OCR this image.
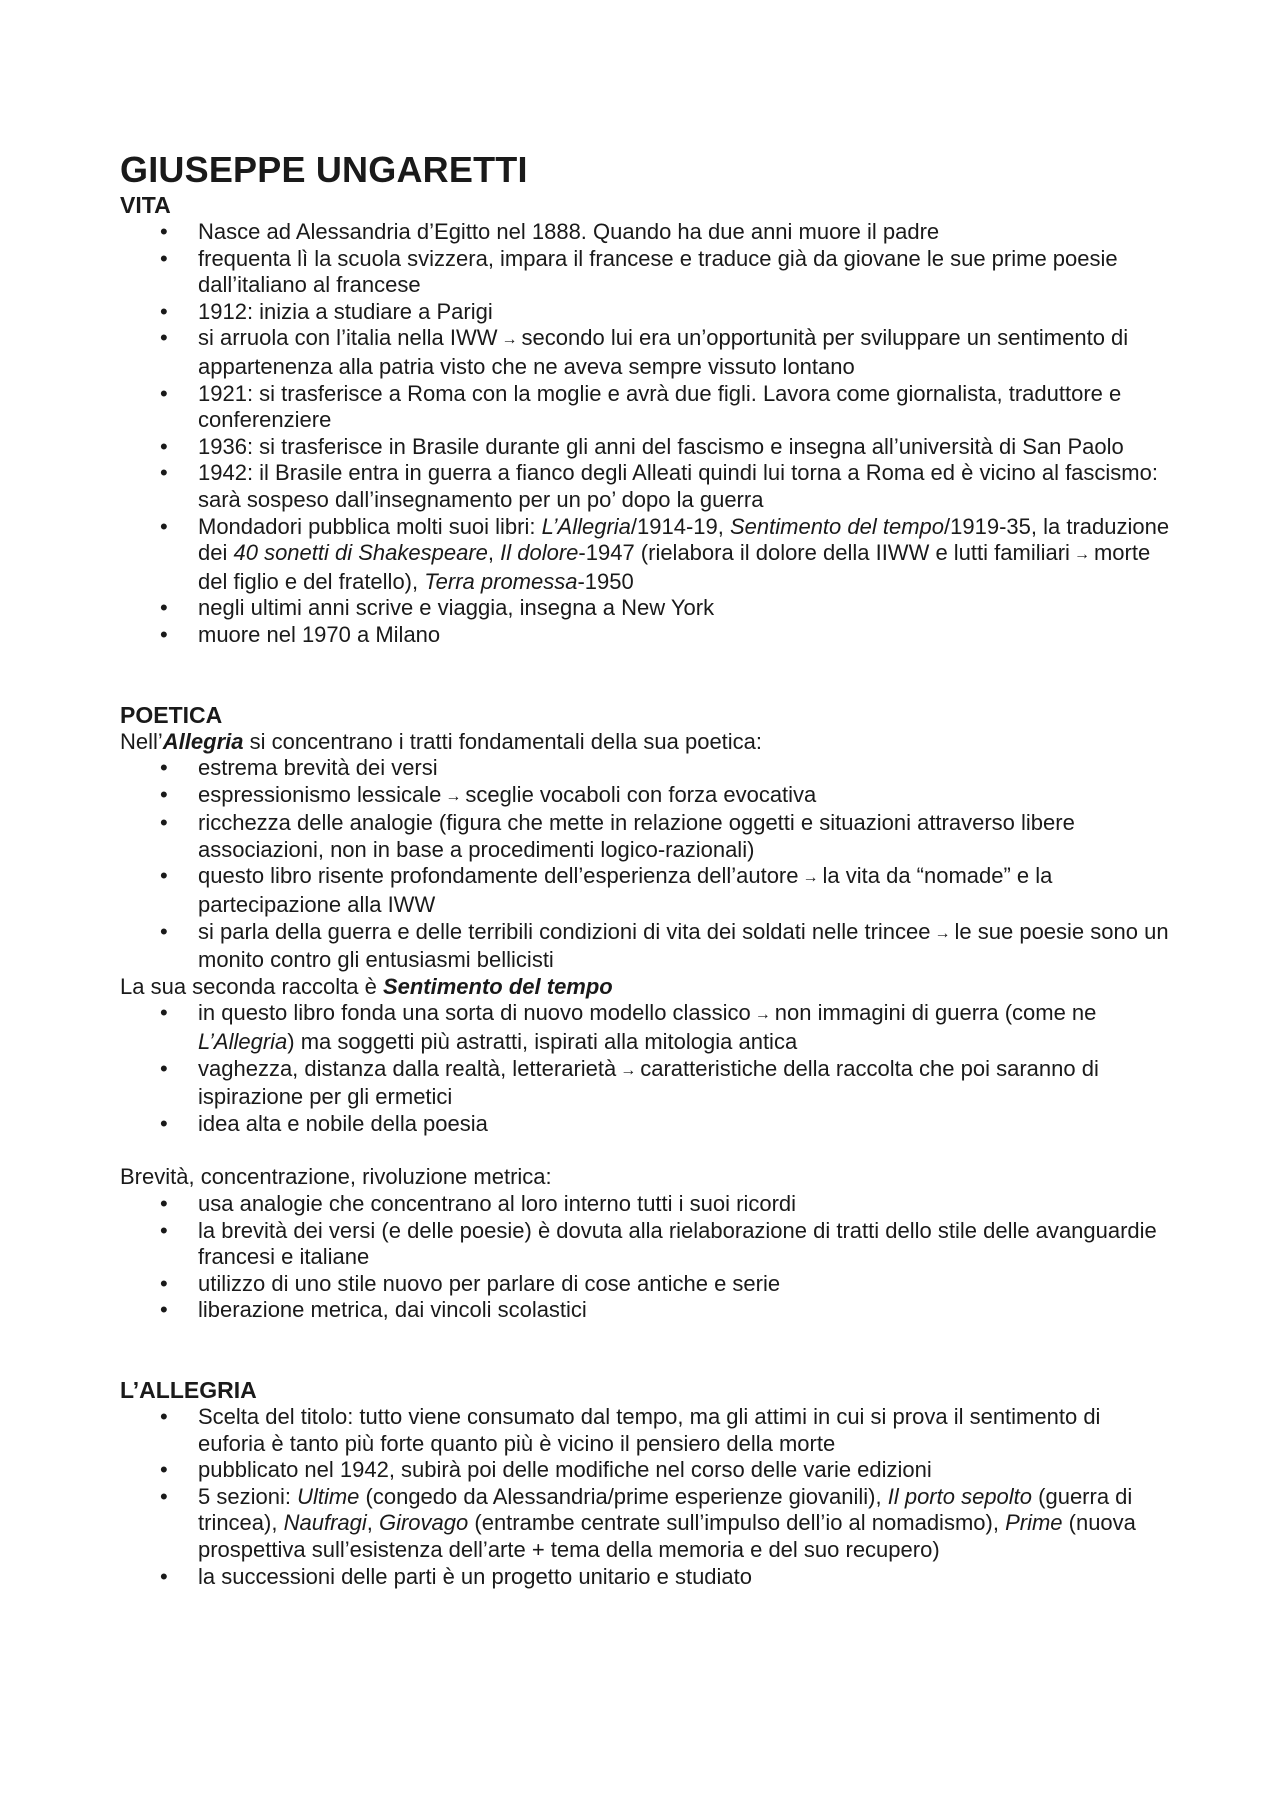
GIUSEPPE UNGARETTI
VITA
• Nasce ad Alessandria d’Egitto nel 1888. Quando ha due anni muore il padre
• frequenta lì la scuola svizzera, impara il francese e traduce già da giovane le sue prime poesie dall’italiano al francese
• 1912: inizia a studiare a Parigi
• si arruola con l’italia nella IWW → secondo lui era un’opportunità per sviluppare un sentimento di appartenenza alla patria visto che ne aveva sempre vissuto lontano
• 1921: si trasferisce a Roma con la moglie e avrà due figli. Lavora come giornalista, traduttore e conferenziere
• 1936: si trasferisce in Brasile durante gli anni del fascismo e insegna all’università di San Paolo
• 1942: il Brasile entra in guerra a fianco degli Alleati quindi lui torna a Roma ed è vicino al fascismo: sarà sospeso dall’insegnamento per un po’ dopo la guerra
• Mondadori pubblica molti suoi libri: L’Allegria/1914-19, Sentimento del tempo/1919-35, la traduzione dei 40 sonetti di Shakespeare, Il dolore-1947 (rielabora il dolore della IIWW e lutti familiari → morte del figlio e del fratello), Terra promessa-1950
• negli ultimi anni scrive e viaggia, insegna a New York
• muore nel 1970 a Milano
POETICA

Nell’Allegria si concentrano i tratti fondamentali della sua poetica:

• estrema brevità dei versi
• espressionismo lessicale → sceglie vocaboli con forza evocativa
• ricchezza delle analogie (figura che mette in relazione oggetti e situazioni attraverso libere associazioni, non in base a procedimenti logico-razionali)
• questo libro risente profondamente dell’esperienza dell’autore → la vita da “nomade” e la partecipazione alla IWW
• si parla della guerra e delle terribili condizioni di vita dei soldati nelle trincee → le sue poesie sono un monito contro gli entusiasmi bellicisti

La sua seconda raccolta è Sentimento del tempo

• in questo libro fonda una sorta di nuovo modello classico → non immagini di guerra (come ne L’Allegria) ma soggetti più astratti, ispirati alla mitologia antica
• vaghezza, distanza dalla realtà, letterarietà → caratteristiche della raccolta che poi saranno di ispirazione per gli ermetici
• idea alta e nobile della poesia

Brevità, concentrazione, rivoluzione metrica:

• usa analogie che concentrano al loro interno tutti i suoi ricordi
• la brevità dei versi (e delle poesie) è dovuta alla rielaborazione di tratti dello stile delle avanguardie francesi e italiane
• utilizzo di uno stile nuovo per parlare di cose antiche e serie
• liberazione metrica, dai vincoli scolastici
L’ALLEGRIA
• Scelta del titolo: tutto viene consumato dal tempo, ma gli attimi in cui si prova il sentimento di euforia è tanto più forte quanto più è vicino il pensiero della morte
• pubblicato nel 1942, subirà poi delle modifiche nel corso delle varie edizioni
• 5 sezioni: Ultime (congedo da Alessandria/prime esperienze giovanili), Il porto sepolto (guerra di trincea), Naufragi, Girovago (entrambe centrate sull’impulso dell’io al nomadismo), Prime (nuova prospettiva sull’esistenza dell’arte + tema della memoria e del suo recupero)
• la successioni delle parti è un progetto unitario e studiato
